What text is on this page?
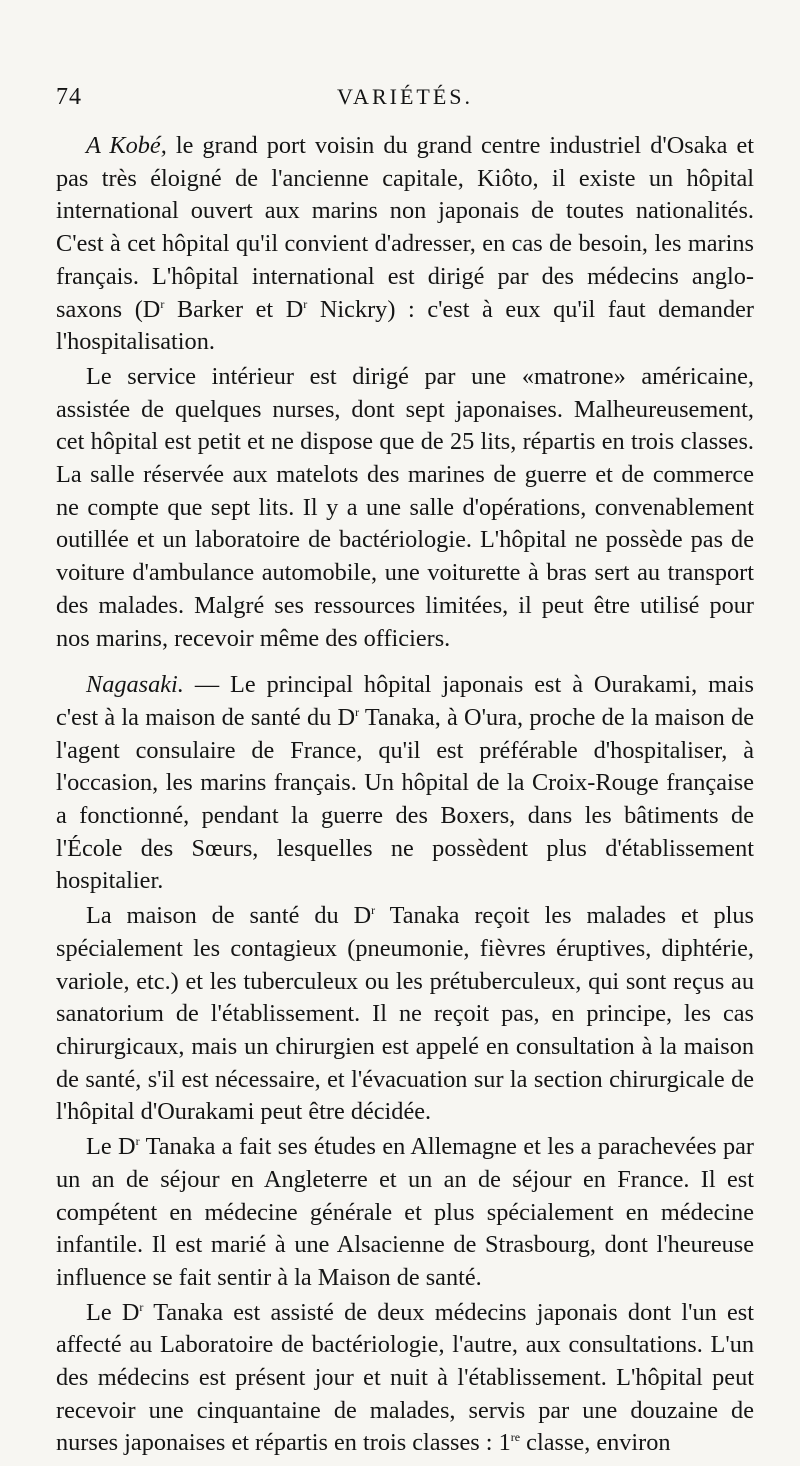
74	VARIÉTÉS.

A Kobé, le grand port voisin du grand centre industriel d'Osaka et pas très éloigné de l'ancienne capitale, Kiôto, il existe un hôpital international ouvert aux marins non japonais de toutes nationalités. C'est à cet hôpital qu'il convient d'adresser, en cas de besoin, les marins français. L'hôpital international est dirigé par des médecins anglo-saxons ($D^r$ Barker et $D^r$ Nickry) : c'est à eux qu'il faut demander l'hospitalisation.

Le service intérieur est dirigé par une «matrone» américaine, assistée de quelques nurses, dont sept japonaises. Malheureusement, cet hôpital est petit et ne dispose que de 25 lits, répartis en trois classes. La salle réservée aux matelots des marines de guerre et de commerce ne compte que sept lits. Il y a une salle d'opérations, convenablement outillée et un laboratoire de bactériologie. L'hôpital ne possède pas de voiture d'ambulance automobile, une voiturette à bras sert au transport des malades. Malgré ses ressources limitées, il peut être utilisé pour nos marins, recevoir même des officiers.

Nagasaki. — Le principal hôpital japonais est à Ourakami, mais c'est à la maison de santé du $D^r$ Tanaka, à O'ura, proche de la maison de l'agent consulaire de France, qu'il est préférable d'hospitaliser, à l'occasion, les marins français. Un hôpital de la Croix-Rouge française a fonctionné, pendant la guerre des Boxers, dans les bâtiments de l'École des Sœurs, lesquelles ne possèdent plus d'établissement hospitalier.

La maison de santé du $D^r$ Tanaka reçoit les malades et plus spécialement les contagieux (pneumonie, fièvres éruptives, diphtérie, variole, etc.) et les tuberculeux ou les prétuberculeux, qui sont reçus au sanatorium de l'établissement. Il ne reçoit pas, en principe, les cas chirurgicaux, mais un chirurgien est appelé en consultation à la maison de santé, s'il est nécessaire, et l'évacuation sur la section chirurgicale de l'hôpital d'Ourakami peut être décidée.

Le $D^r$ Tanaka a fait ses études en Allemagne et les a parachevées par un an de séjour en Angleterre et un an de séjour en France. Il est compétent en médecine générale et plus spécialement en médecine infantile. Il est marié à une Alsacienne de Strasbourg, dont l'heureuse influence se fait sentir à la Maison de santé.

Le $D^r$ Tanaka est assisté de deux médecins japonais dont l'un est affecté au Laboratoire de bactériologie, l'autre, aux consultations. L'un des médecins est présent jour et nuit à l'établissement. L'hôpital peut recevoir une cinquantaine de malades, servis par une douzaine de nurses japonaises et répartis en trois classes : 1re classe, environ
